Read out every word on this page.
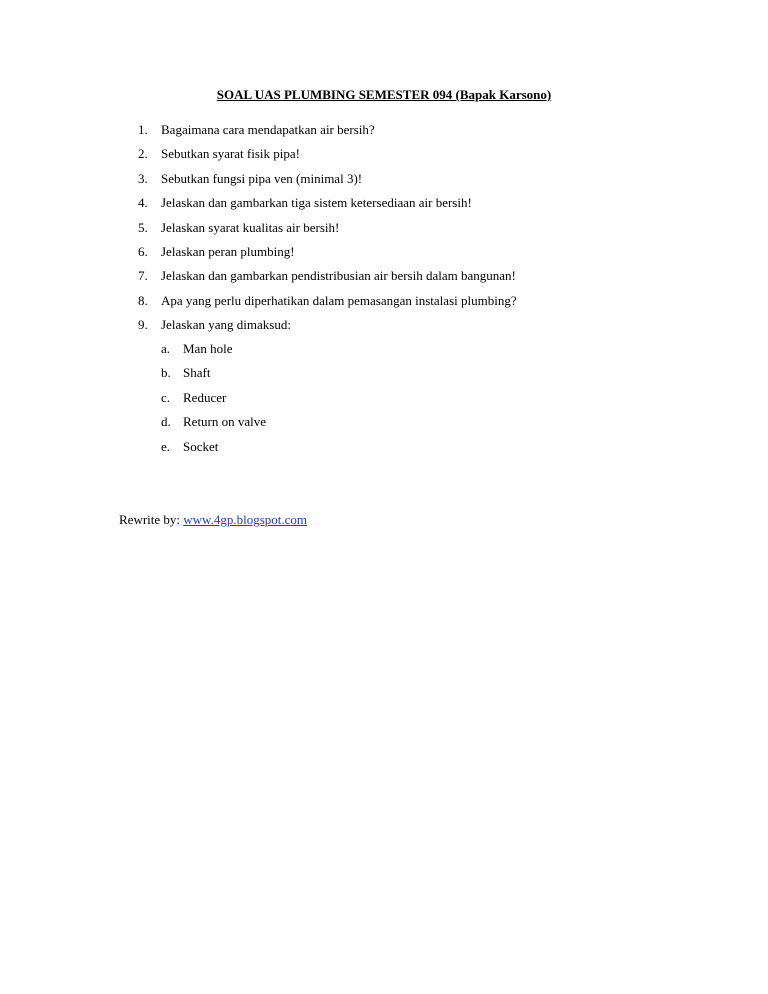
SOAL UAS PLUMBING SEMESTER 094 (Bapak Karsono)
1.	Bagaimana cara mendapatkan air bersih?
2.	Sebutkan syarat fisik pipa!
3.	Sebutkan fungsi pipa ven (minimal 3)!
4.	Jelaskan dan gambarkan tiga sistem ketersediaan air bersih!
5.	Jelaskan syarat kualitas air bersih!
6.	Jelaskan peran plumbing!
7.	Jelaskan dan gambarkan pendistribusian air bersih dalam bangunan!
8.	Apa yang perlu diperhatikan dalam pemasangan instalasi plumbing?
9.	Jelaskan yang dimaksud:
a. Man hole
b. Shaft
c. Reducer
d. Return on valve
e. Socket
Rewrite by: www.4gp.blogspot.com
